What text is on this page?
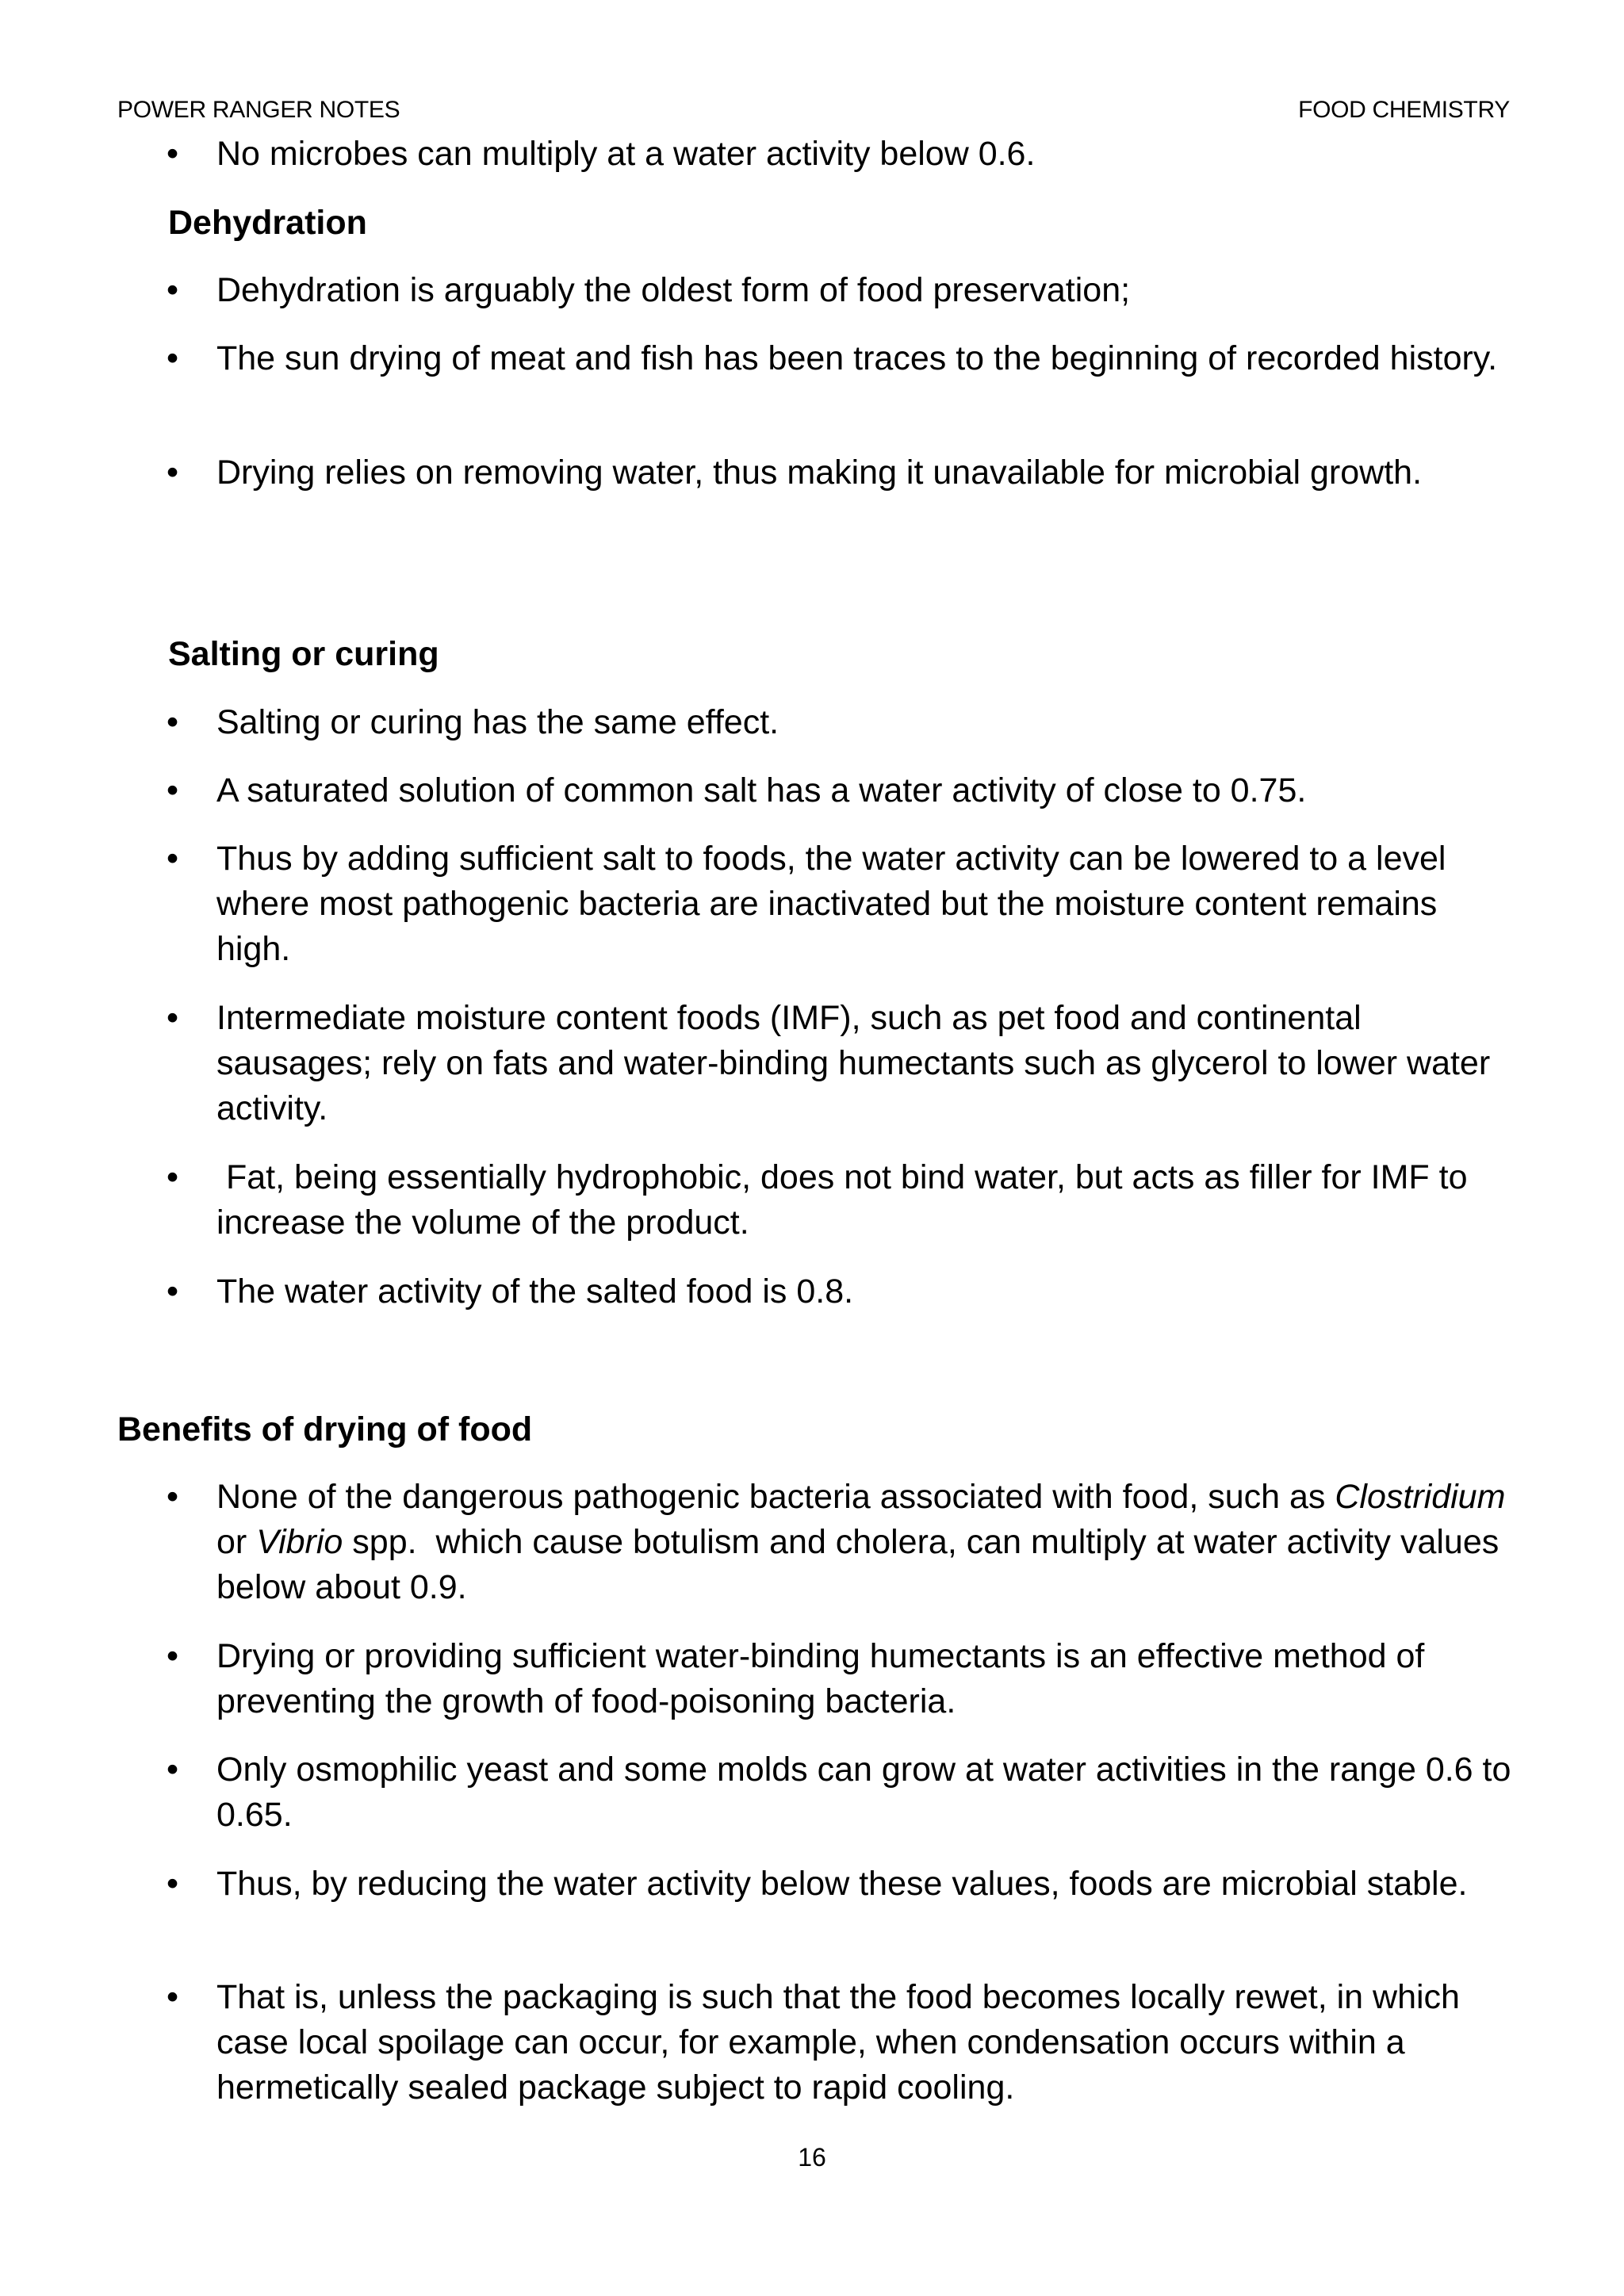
POWER RANGER NOTES	FOOD CHEMISTRY
• No microbes can multiply at a water activity below 0.6.
Dehydration
• Dehydration is arguably the oldest form of food preservation;
• The sun drying of meat and fish has been traces to the beginning of recorded history.
• Drying relies on removing water, thus making it unavailable for microbial growth.
Salting or curing
• Salting or curing has the same effect.
• A saturated solution of common salt has a water activity of close to 0.75.
• Thus by adding sufficient salt to foods, the water activity can be lowered to a level where most pathogenic bacteria are inactivated but the moisture content remains high.
• Intermediate moisture content foods (IMF), such as pet food and continental sausages; rely on fats and water-binding humectants such as glycerol to lower water activity.
• Fat, being essentially hydrophobic, does not bind water, but acts as filler for IMF to increase the volume of the product.
• The water activity of the salted food is 0.8.
Benefits of drying of food
• None of the dangerous pathogenic bacteria associated with food, such as Clostridium or Vibrio spp.  which cause botulism and cholera, can multiply at water activity values below about 0.9.
• Drying or providing sufficient water-binding humectants is an effective method of preventing the growth of food-poisoning bacteria.
• Only osmophilic yeast and some molds can grow at water activities in the range 0.6 to 0.65.
• Thus, by reducing the water activity below these values, foods are microbial stable.
• That is, unless the packaging is such that the food becomes locally rewet, in which case local spoilage can occur, for example, when condensation occurs within a hermetically sealed package subject to rapid cooling.
16
